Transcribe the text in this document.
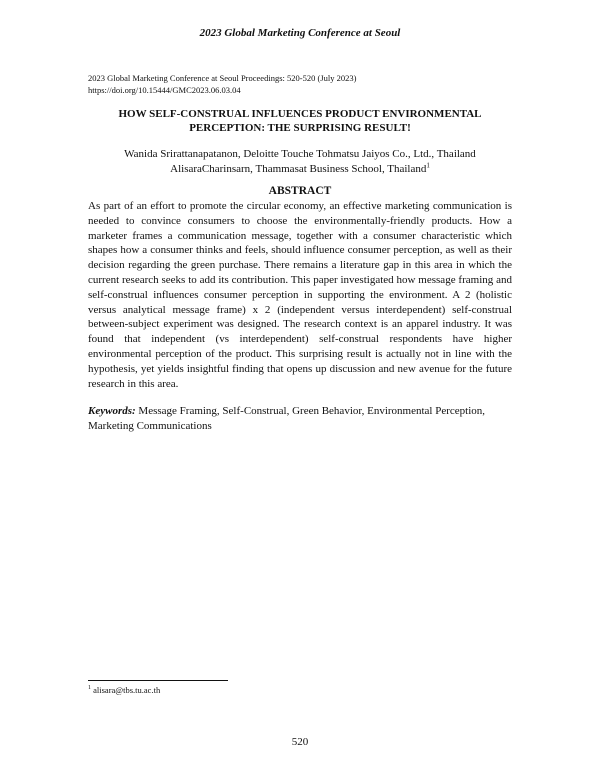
2023 Global Marketing Conference at Seoul
2023 Global Marketing Conference at Seoul Proceedings: 520-520 (July 2023)
https://doi.org/10.15444/GMC2023.06.03.04
HOW SELF-CONSTRUAL INFLUENCES PRODUCT ENVIRONMENTAL
PERCEPTION: THE SURPRISING RESULT!
Wanida Srirattanapatanon, Deloitte Touche Tohmatsu Jaiyos Co., Ltd., Thailand
AlisaraCharinsarn, Thammasat Business School, Thailand$^1$
ABSTRACT
As part of an effort to promote the circular economy, an effective marketing communication is needed to convince consumers to choose the environmentally-friendly products. How a marketer frames a communication message, together with a consumer characteristic which shapes how a consumer thinks and feels, should influence consumer perception, as well as their decision regarding the green purchase. There remains a literature gap in this area in which the current research seeks to add its contribution. This paper investigated how message framing and self-construal influences consumer perception in supporting the environment. A 2 (holistic versus analytical message frame) x 2 (independent versus interdependent) self-construal between-subject experiment was designed. The research context is an apparel industry. It was found that independent (vs interdependent) self-construal respondents have higher environmental perception of the product. This surprising result is actually not in line with the hypothesis, yet yields insightful finding that opens up discussion and new avenue for the future research in this area.
Keywords: Message Framing, Self-Construal, Green Behavior, Environmental Perception, Marketing Communications
$^1$ alisara@tbs.tu.ac.th
520
